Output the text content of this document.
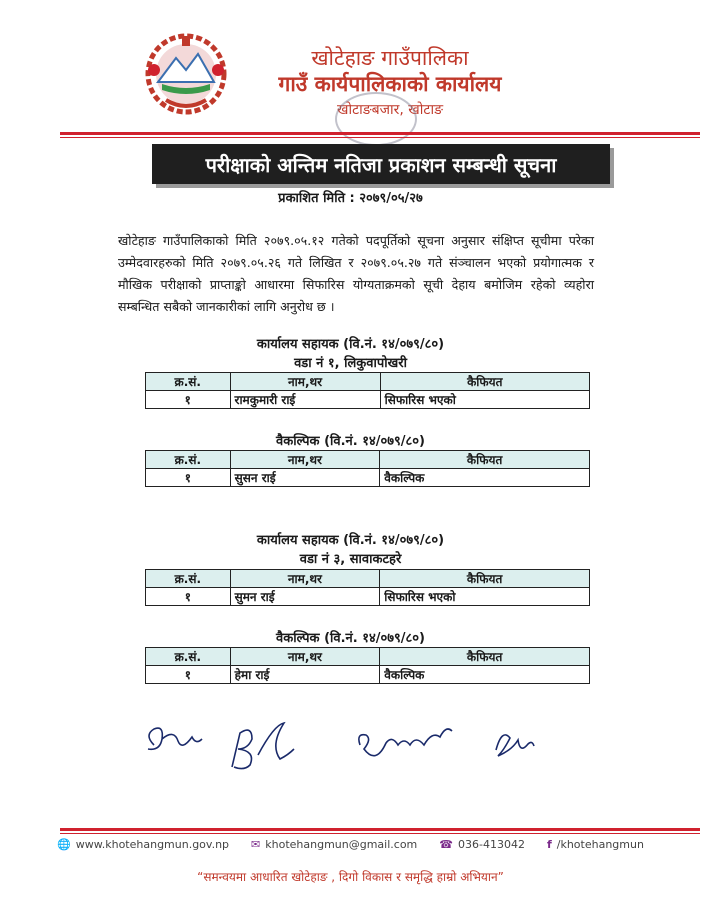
खोटेहाङ गाउँपालिका
गाउँ कार्यपालिकाको कार्यालय
खोटाङबजार, खोटाङ
परीक्षाको अन्तिम नतिजा प्रकाशन सम्बन्धी सूचना
प्रकाशित मिति : २०७९/०५/२७
खोटेहाङ गाउँपालिकाको मिति २०७९.०५.१२ गतेको पदपूर्तिको सूचना अनुसार संक्षिप्त सूचीमा परेका उम्मेदवारहरुको मिति २०७९.०५.२६ गते लिखित र २०७९.०५.२७ गते संञ्चालन भएको प्रयोगात्मक र मौखिक परीक्षाको प्राप्ताङ्को आधारमा सिफारिस योग्यताक्रमको सूची देहाय बमोजिम रहेको व्यहोरा सम्बन्धित सबैको जानकारीकां लागि अनुरोध छ ।
कार्यालय सहायक (वि.नं. १४/०७९/८०)
वडा नं १, लिकुवापोखरी
क्र.सं.	नाम,थर	कैफियत
१	रामकुमारी राई	सिफारिस भएको
वैकल्पिक (वि.नं. १४/०७९/८०)
क्र.सं.	नाम,थर	कैफियत
१	सुसन राई	वैकल्पिक
कार्यालय सहायक (वि.नं. १४/०७९/८०)
वडा नं ३, सावाकटहरे
क्र.सं.	नाम,थर	कैफियत
१	सुमन राई	सिफारिस भएको
वैकल्पिक (वि.नं. १४/०७९/८०)
क्र.सं.	नाम,थर	कैफियत
१	हेमा राई	वैकल्पिक
🌐 www.khotehangmun.gov.np ✉ khotehangmun@gmail.com ☎ 036-413042 f /khotehangmun
“समन्वयमा आधारित खोटेहाङ , दिगो विकास र समृद्धि हाम्रो अभियान”
